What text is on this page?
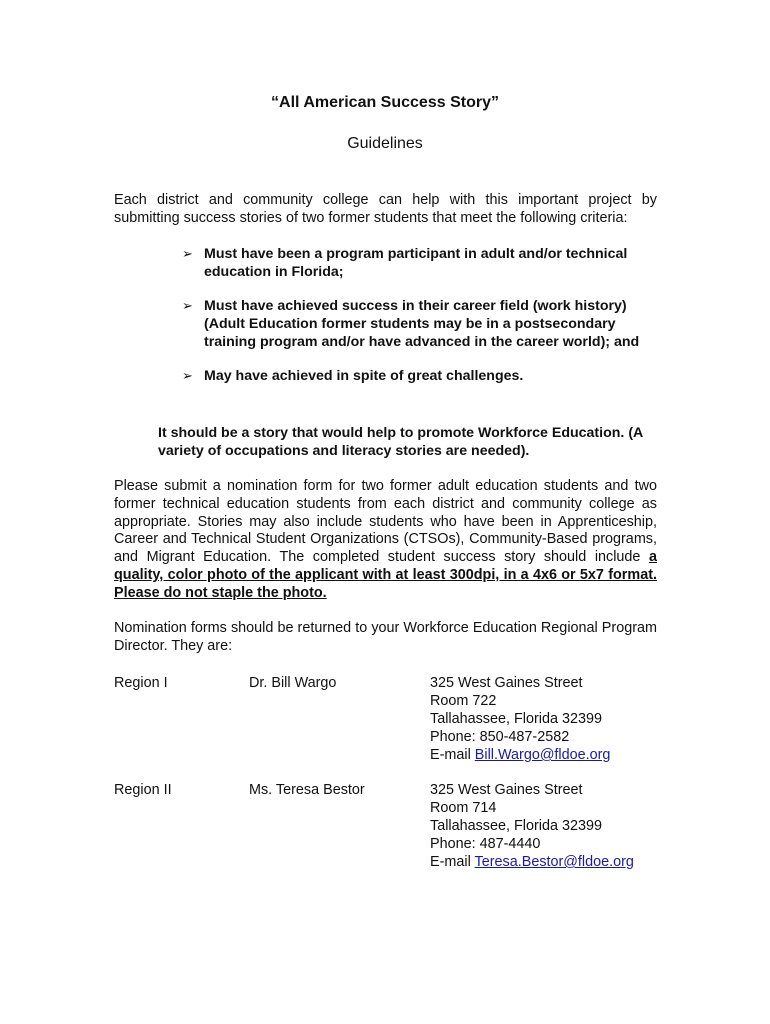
“All American Success Story”
Guidelines
Each district and community college can help with this important project by submitting success stories of two former students that meet the following criteria:

➢ Must have been a program participant in adult and/or technical education in Florida;

➢ Must have achieved success in their career field (work history) (Adult Education former students may be in a postsecondary training program and/or have advanced in the career world); and

➢ May have achieved in spite of great challenges.

It should be a story that would help to promote Workforce Education. (A variety of occupations and literacy stories are needed).
Please submit a nomination form for two former adult education students and two former technical education students from each district and community college as appropriate. Stories may also include students who have been in Apprenticeship, Career and Technical Student Organizations (CTSOs), Community-Based programs, and Migrant Education. The completed student success story should include a quality, color photo of the applicant with at least 300dpi, in a 4x6 or 5x7 format. Please do not staple the photo.
Nomination forms should be returned to your Workforce Education Regional Program Director. They are:
Region I	Dr. Bill Wargo	325 West Gaines Street
Room 722
Tallahassee, Florida 32399
Phone: 850-487-2582
E-mail Bill.Wargo@fldoe.org
Region II	Ms. Teresa Bestor	325 West Gaines Street
Room 714
Tallahassee, Florida 32399
Phone: 487-4440
E-mail Teresa.Bestor@fldoe.org
